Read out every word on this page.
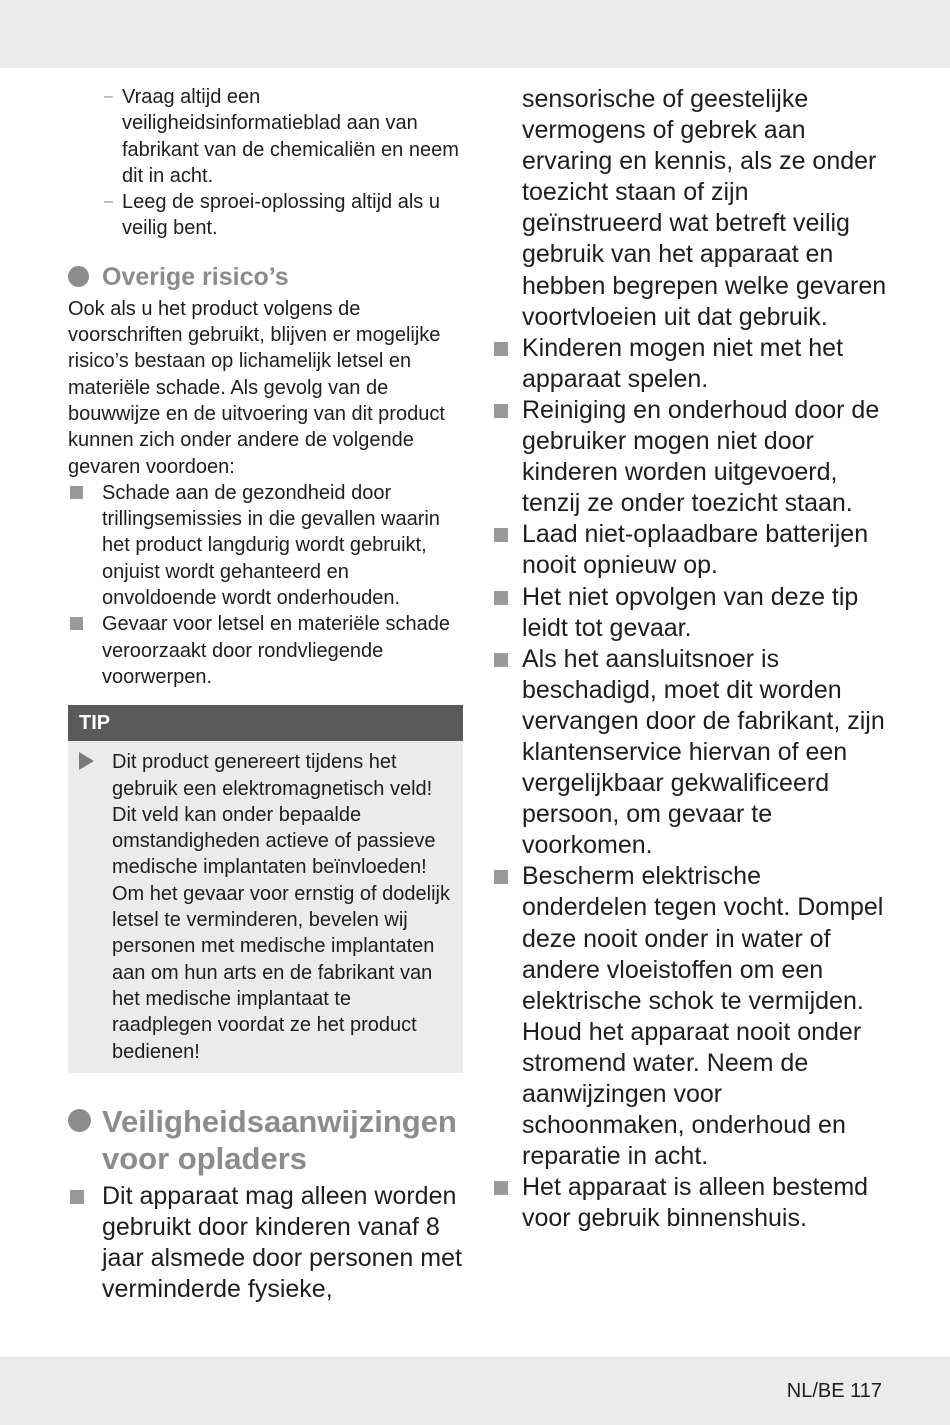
– Vraag altijd een veiligheidsinformatieblad aan van fabrikant van de chemicaliën en neem dit in acht.
– Leeg de sproei-oplossing altijd als u veilig bent.
Overige risico’s

Ook als u het product volgens de voorschriften gebruikt, blijven er mogelijke risico’s bestaan op lichamelijk letsel en materiële schade. Als gevolg van de bouwwijze en de uitvoering van dit product kunnen zich onder andere de volgende gevaren voordoen:

Schade aan de gezondheid door trillingsemissies in die gevallen waarin het product langdurig wordt gebruikt, onjuist wordt gehanteerd en onvoldoende wordt onderhouden.
Gevaar voor letsel en materiële schade veroorzaakt door rondvliegende voorwerpen.
TIP
Dit product genereert tijdens het gebruik een elektromagnetisch veld! Dit veld kan onder bepaalde omstandigheden actieve of passieve medische implantaten beïnvloeden! Om het gevaar voor ernstig of dodelijk letsel te verminderen, bevelen wij personen met medische implantaten aan om hun arts en de fabrikant van het medische implantaat te raadplegen voordat ze het product bedienen!
Veiligheidsaanwijzingen voor opladers
Dit apparaat mag alleen worden gebruikt door kinderen vanaf 8 jaar alsmede door personen met verminderde fysieke,

sensorische of geestelijke vermogens of gebrek aan ervaring en kennis, als ze onder toezicht staan of zijn geïnstrueerd wat betreft veilig gebruik van het apparaat en hebben begrepen welke gevaren voortvloeien uit dat gebruik.

Kinderen mogen niet met het apparaat spelen.
Reiniging en onderhoud door de gebruiker mogen niet door kinderen worden uitgevoerd, tenzij ze onder toezicht staan.
Laad niet-oplaadbare batterijen nooit opnieuw op.
Het niet opvolgen van deze tip leidt tot gevaar.
Als het aansluitsnoer is beschadigd, moet dit worden vervangen door de fabrikant, zijn klantenservice hiervan of een vergelijkbaar gekwalificeerd persoon, om gevaar te voorkomen.
Bescherm elektrische onderdelen tegen vocht. Dompel deze nooit onder in water of andere vloeistoffen om een elektrische schok te vermijden. Houd het apparaat nooit onder stromend water. Neem de aanwijzingen voor schoonmaken, onderhoud en reparatie in acht.
Het apparaat is alleen bestemd voor gebruik binnenshuis.
NL/BE 117
